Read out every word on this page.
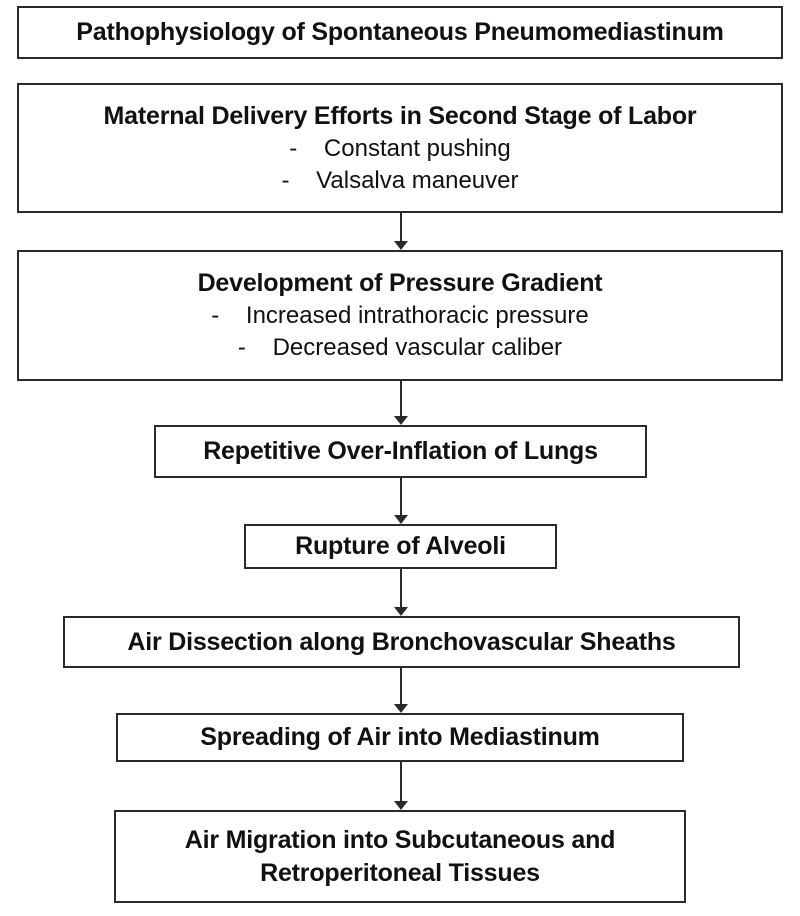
Pathophysiology of Spontaneous Pneumomediastinum
Maternal Delivery Efforts in Second Stage of Labor
-    Constant pushing
-    Valsalva maneuver
Development of Pressure Gradient
-    Increased intrathoracic pressure
-    Decreased vascular caliber
Repetitive Over-Inflation of Lungs
Rupture of Alveoli
Air Dissection along Bronchovascular Sheaths
Spreading of Air into Mediastinum
Air Migration into Subcutaneous and
Retroperitoneal Tissues
